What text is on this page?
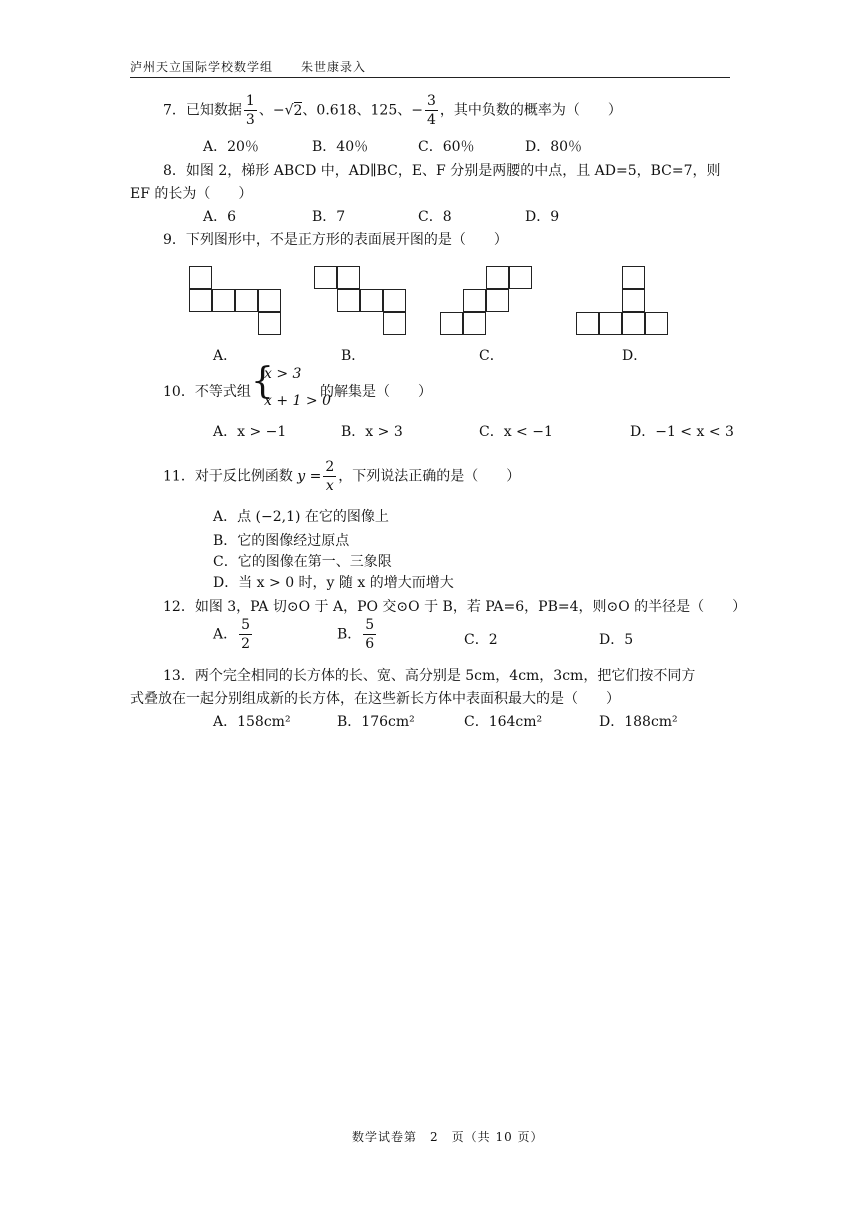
泸州天立国际学校数学组 朱世康录入
7．已知数据 $\frac{1}{3}$ 、−√2、0.618、125、− $\frac{3}{4}$ ，其中负数的概率为（　　）
A．20％	B．40％	C．60％	D．80％
8．如图 2，梯形 ABCD 中，AD∥BC，E、F 分别是两腰的中点，且 AD=5，BC=7，则
EF 的长为（　　）
A．6	B．7	C．8	D．9
9．下列图形中，不是正方形的表面展开图的是（　　）
A．	B．	C．	D．
10．不等式组 {
x > 3
x + 1 > 0
的解集是（　　）
A．x > −1	B．x > 3	C．x < −1	D．−1 < x < 3
11．对于反比例函数 $y = \frac{2}{x}$ ，下列说法正确的是（　　）
A．点 (−2,1) 在它的图像上
B．它的图像经过原点
C．它的图像在第一、三象限
D．当 x > 0 时，y 随 x 的增大而增大
12．如图 3，PA 切⊙O 于 A，PO 交⊙O 于 B，若 PA=6，PB=4，则⊙O 的半径是（　　）
A． $\frac{5}{2}$	B． $\frac{5}{6}$	C．2	D．5
13．两个完全相同的长方体的长、宽、高分别是 5cm，4cm，3cm，把它们按不同方
式叠放在一起分别组成新的长方体，在这些新长方体中表面积最大的是（　　）
A．158cm²	B．176cm²	C．164cm²	D．188cm²
数学试卷第　2　页（共 10 页）
